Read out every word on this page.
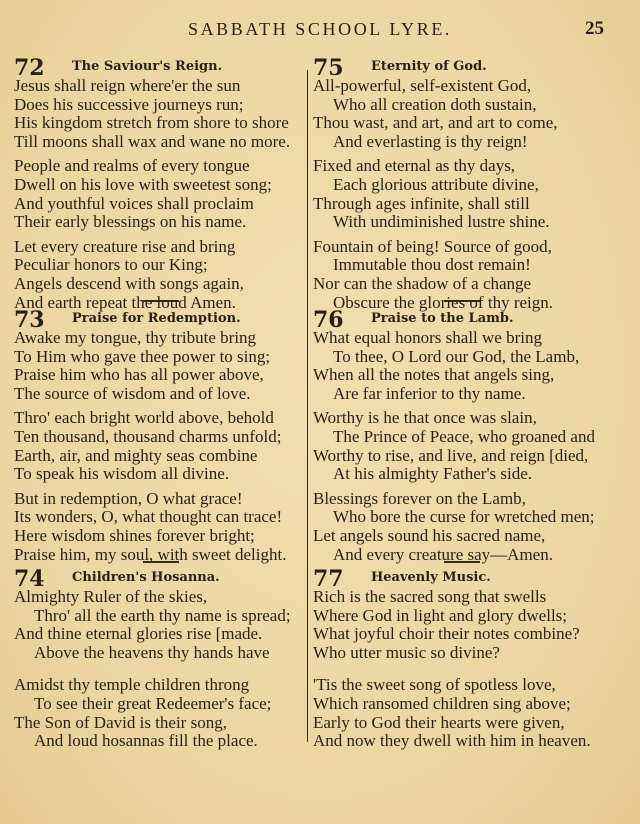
SABBATH SCHOOL LYRE.	25
72 The Saviour's Reign.
Jesus shall reign where'er the sun
Does his successive journeys run;
His kingdom stretch from shore to shore
Till moons shall wax and wane no more.
People and realms of every tongue
Dwell on his love with sweetest song;
And youthful voices shall proclaim
Their early blessings on his name.
Let every creature rise and bring
Peculiar honors to our King;
Angels descend with songs again,
And earth repeat the loud Amen.
73 Praise for Redemption.
Awake my tongue, thy tribute bring
To Him who gave thee power to sing;
Praise him who has all power above,
The source of wisdom and of love.
Thro' each bright world above, behold
Ten thousand, thousand charms unfold;
Earth, air, and mighty seas combine
To speak his wisdom all divine.
But in redemption, O what grace!
Its wonders, O, what thought can trace!
Here wisdom shines forever bright;
Praise him, my soul, with sweet delight.
74 Children's Hosanna.
Almighty Ruler of the skies,
Thro' all the earth thy name is spread;
And thine eternal glories rise [made.
Above the heavens thy hands have
Amidst thy temple children throng
To see their great Redeemer's face;
The Son of David is their song,
And loud hosannas fill the place.
75 Eternity of God.
All-powerful, self-existent God,
Who all creation doth sustain,
Thou wast, and art, and art to come,
And everlasting is thy reign!
Fixed and eternal as thy days,
Each glorious attribute divine,
Through ages infinite, shall still
With undiminished lustre shine.
Fountain of being! Source of good,
Immutable thou dost remain!
Nor can the shadow of a change
Obscure the glories of thy reign.
76 Praise to the Lamb.
What equal honors shall we bring
To thee, O Lord our God, the Lamb,
When all the notes that angels sing,
Are far inferior to thy name.
Worthy is he that once was slain,
The Prince of Peace, who groaned and
Worthy to rise, and live, and reign [died,
At his almighty Father's side.
Blessings forever on the Lamb,
Who bore the curse for wretched men;
Let angels sound his sacred name,
And every creature say—Amen.
77 Heavenly Music.
Rich is the sacred song that swells
Where God in light and glory dwells;
What joyful choir their notes combine?
Who utter music so divine?
'Tis the sweet song of spotless love,
Which ransomed children sing above;
Early to God their hearts were given,
And now they dwell with him in heaven.
